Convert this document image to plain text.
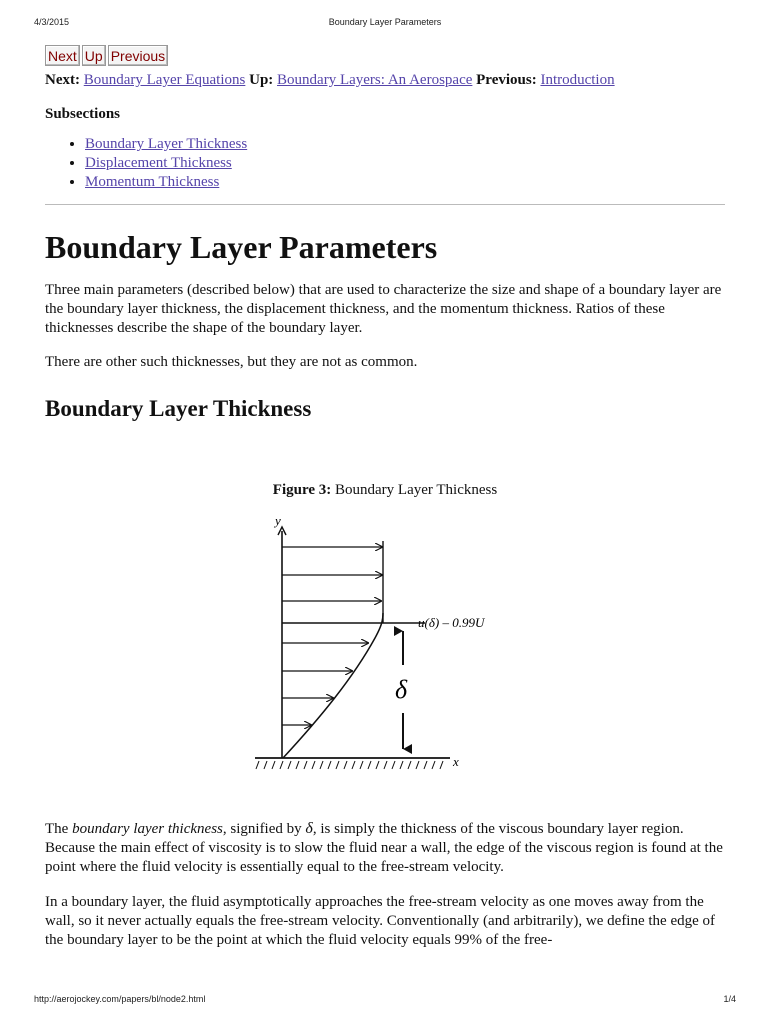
4/3/2015	Boundary Layer Parameters
Next Up Previous
Next: Boundary Layer Equations Up: Boundary Layers: An Aerospace Previous: Introduction
Subsections
• Boundary Layer Thickness
• Displacement Thickness
• Momentum Thickness
Boundary Layer Parameters

Three main parameters (described below) that are used to characterize the size and shape of a boundary layer are the boundary layer thickness, the displacement thickness, and the momentum thickness. Ratios of these thicknesses describe the shape of the boundary layer.

There are other such thicknesses, but they are not as common.

Boundary Layer Thickness
Figure 3: Boundary Layer Thickness
y
x
δ
u(δ) – 0.99U

The boundary layer thickness, signified by δ, is simply the thickness of the viscous boundary layer region. Because the main effect of viscosity is to slow the fluid near a wall, the edge of the viscous region is found at the point where the fluid velocity is essentially equal to the free-stream velocity.

In a boundary layer, the fluid asymptotically approaches the free-stream velocity as one moves away from the wall, so it never actually equals the free-stream velocity. Conventionally (and arbitrarily), we define the edge of the boundary layer to be the point at which the fluid velocity equals 99% of the free-

http://aerojockey.com/papers/bl/node2.html	1/4
